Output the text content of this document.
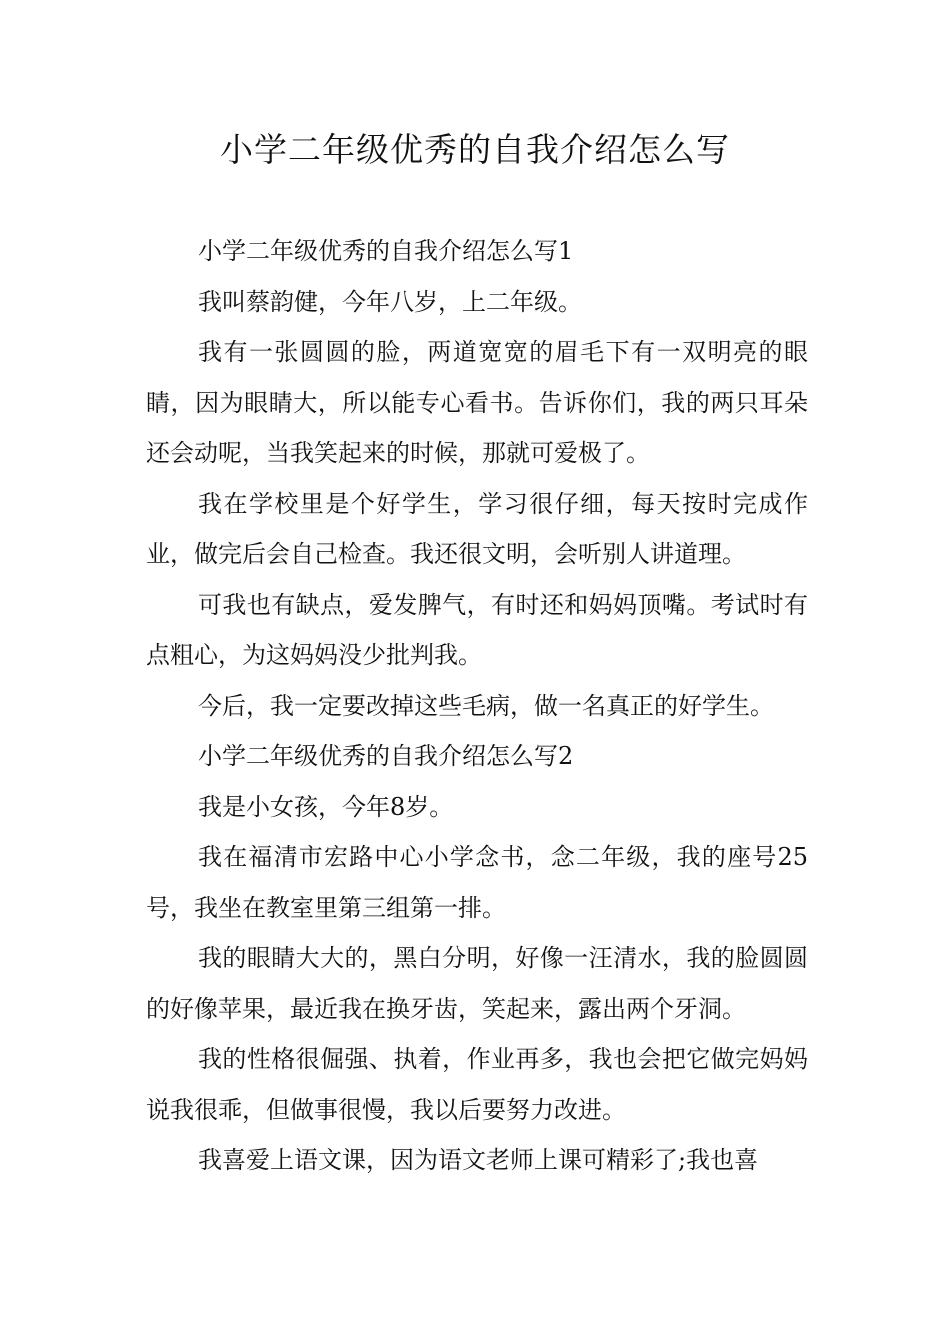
小学二年级优秀的自我介绍怎么写

小学二年级优秀的自我介绍怎么写1

我叫蔡韵健，今年八岁，上二年级。

我有一张圆圆的脸，两道宽宽的眉毛下有一双明亮的眼睛，因为眼睛大，所以能专心看书。告诉你们，我的两只耳朵还会动呢，当我笑起来的时候，那就可爱极了。

我在学校里是个好学生，学习很仔细，每天按时完成作业，做完后会自己检查。我还很文明，会听别人讲道理。

可我也有缺点，爱发脾气，有时还和妈妈顶嘴。考试时有点粗心，为这妈妈没少批判我。

今后，我一定要改掉这些毛病，做一名真正的好学生。

小学二年级优秀的自我介绍怎么写2

我是小女孩，今年8岁。

我在福清市宏路中心小学念书，念二年级，我的座号25号，我坐在教室里第三组第一排。

我的眼睛大大的，黑白分明，好像一汪清水，我的脸圆圆的好像苹果，最近我在换牙齿，笑起来，露出两个牙洞。

我的性格很倔强、执着，作业再多，我也会把它做完妈妈说我很乖，但做事很慢，我以后要努力改进。

我喜爱上语文课，因为语文老师上课可精彩了;我也喜
